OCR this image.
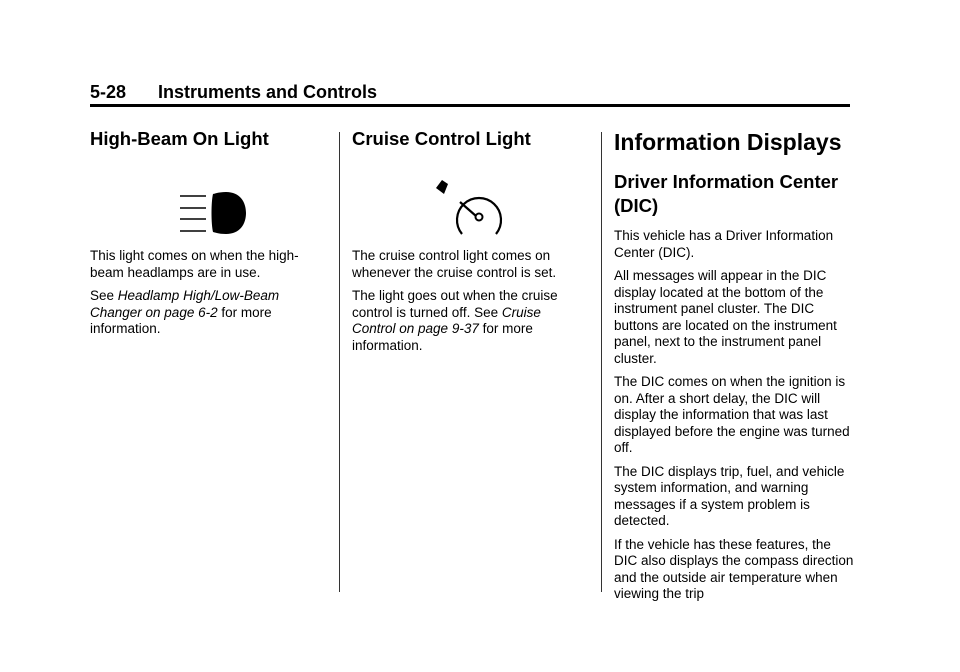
5-28 Instruments and Controls
High-Beam On Light

This light comes on when the high-beam headlamps are in use.

See Headlamp High/Low-Beam Changer on page 6-2 for more information.

Cruise Control Light

The cruise control light comes on whenever the cruise control is set.

The light goes out when the cruise control is turned off. See Cruise Control on page 9-37 for more information.

Information Displays
Driver Information Center (DIC)

This vehicle has a Driver Information Center (DIC).

All messages will appear in the DIC display located at the bottom of the instrument panel cluster. The DIC buttons are located on the instrument panel, next to the instrument panel cluster.

The DIC comes on when the ignition is on. After a short delay, the DIC will display the information that was last displayed before the engine was turned off.

The DIC displays trip, fuel, and vehicle system information, and warning messages if a system problem is detected.

If the vehicle has these features, the DIC also displays the compass direction and the outside air temperature when viewing the trip
